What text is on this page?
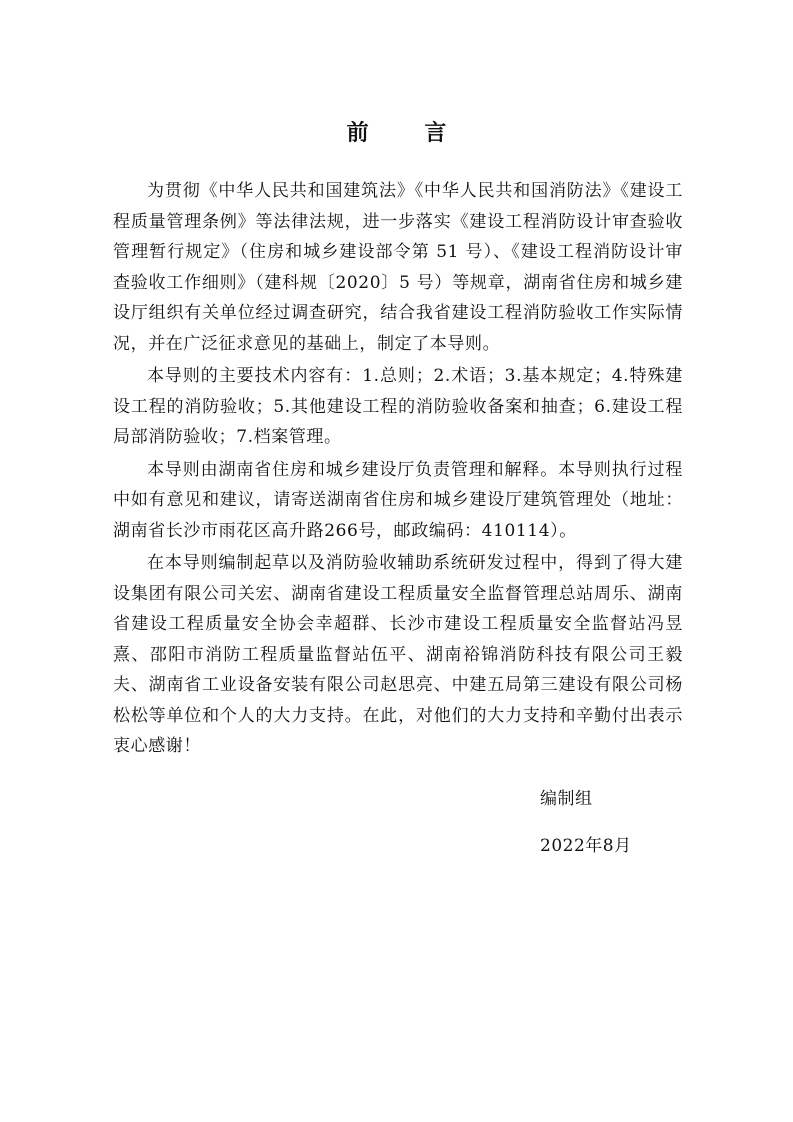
前 言

为贯彻《中华人民共和国建筑法》《中华人民共和国消防法》《建设工程质量管理条例》等法律法规，进一步落实《建设工程消防设计审查验收管理暂行规定》（住房和城乡建设部令第 51 号）、《建设工程消防设计审查验收工作细则》（建科规〔2020〕5 号）等规章，湖南省住房和城乡建设厅组织有关单位经过调查研究，结合我省建设工程消防验收工作实际情况，并在广泛征求意见的基础上，制定了本导则。

本导则的主要技术内容有：1.总则；2.术语；3.基本规定；4.特殊建设工程的消防验收；5.其他建设工程的消防验收备案和抽查；6.建设工程局部消防验收；7.档案管理。

本导则由湖南省住房和城乡建设厅负责管理和解释。本导则执行过程中如有意见和建议，请寄送湖南省住房和城乡建设厅建筑管理处（地址：湖南省长沙市雨花区高升路266号，邮政编码：410114）。

在本导则编制起草以及消防验收辅助系统研发过程中，得到了得大建设集团有限公司关宏、湖南省建设工程质量安全监督管理总站周乐、湖南省建设工程质量安全协会幸超群、长沙市建设工程质量安全监督站冯昱熹、邵阳市消防工程质量监督站伍平、湖南裕锦消防科技有限公司王毅夫、湖南省工业设备安装有限公司赵思亮、中建五局第三建设有限公司杨松松等单位和个人的大力支持。在此，对他们的大力支持和辛勤付出表示衷心感谢！

编制组
2022年8月
